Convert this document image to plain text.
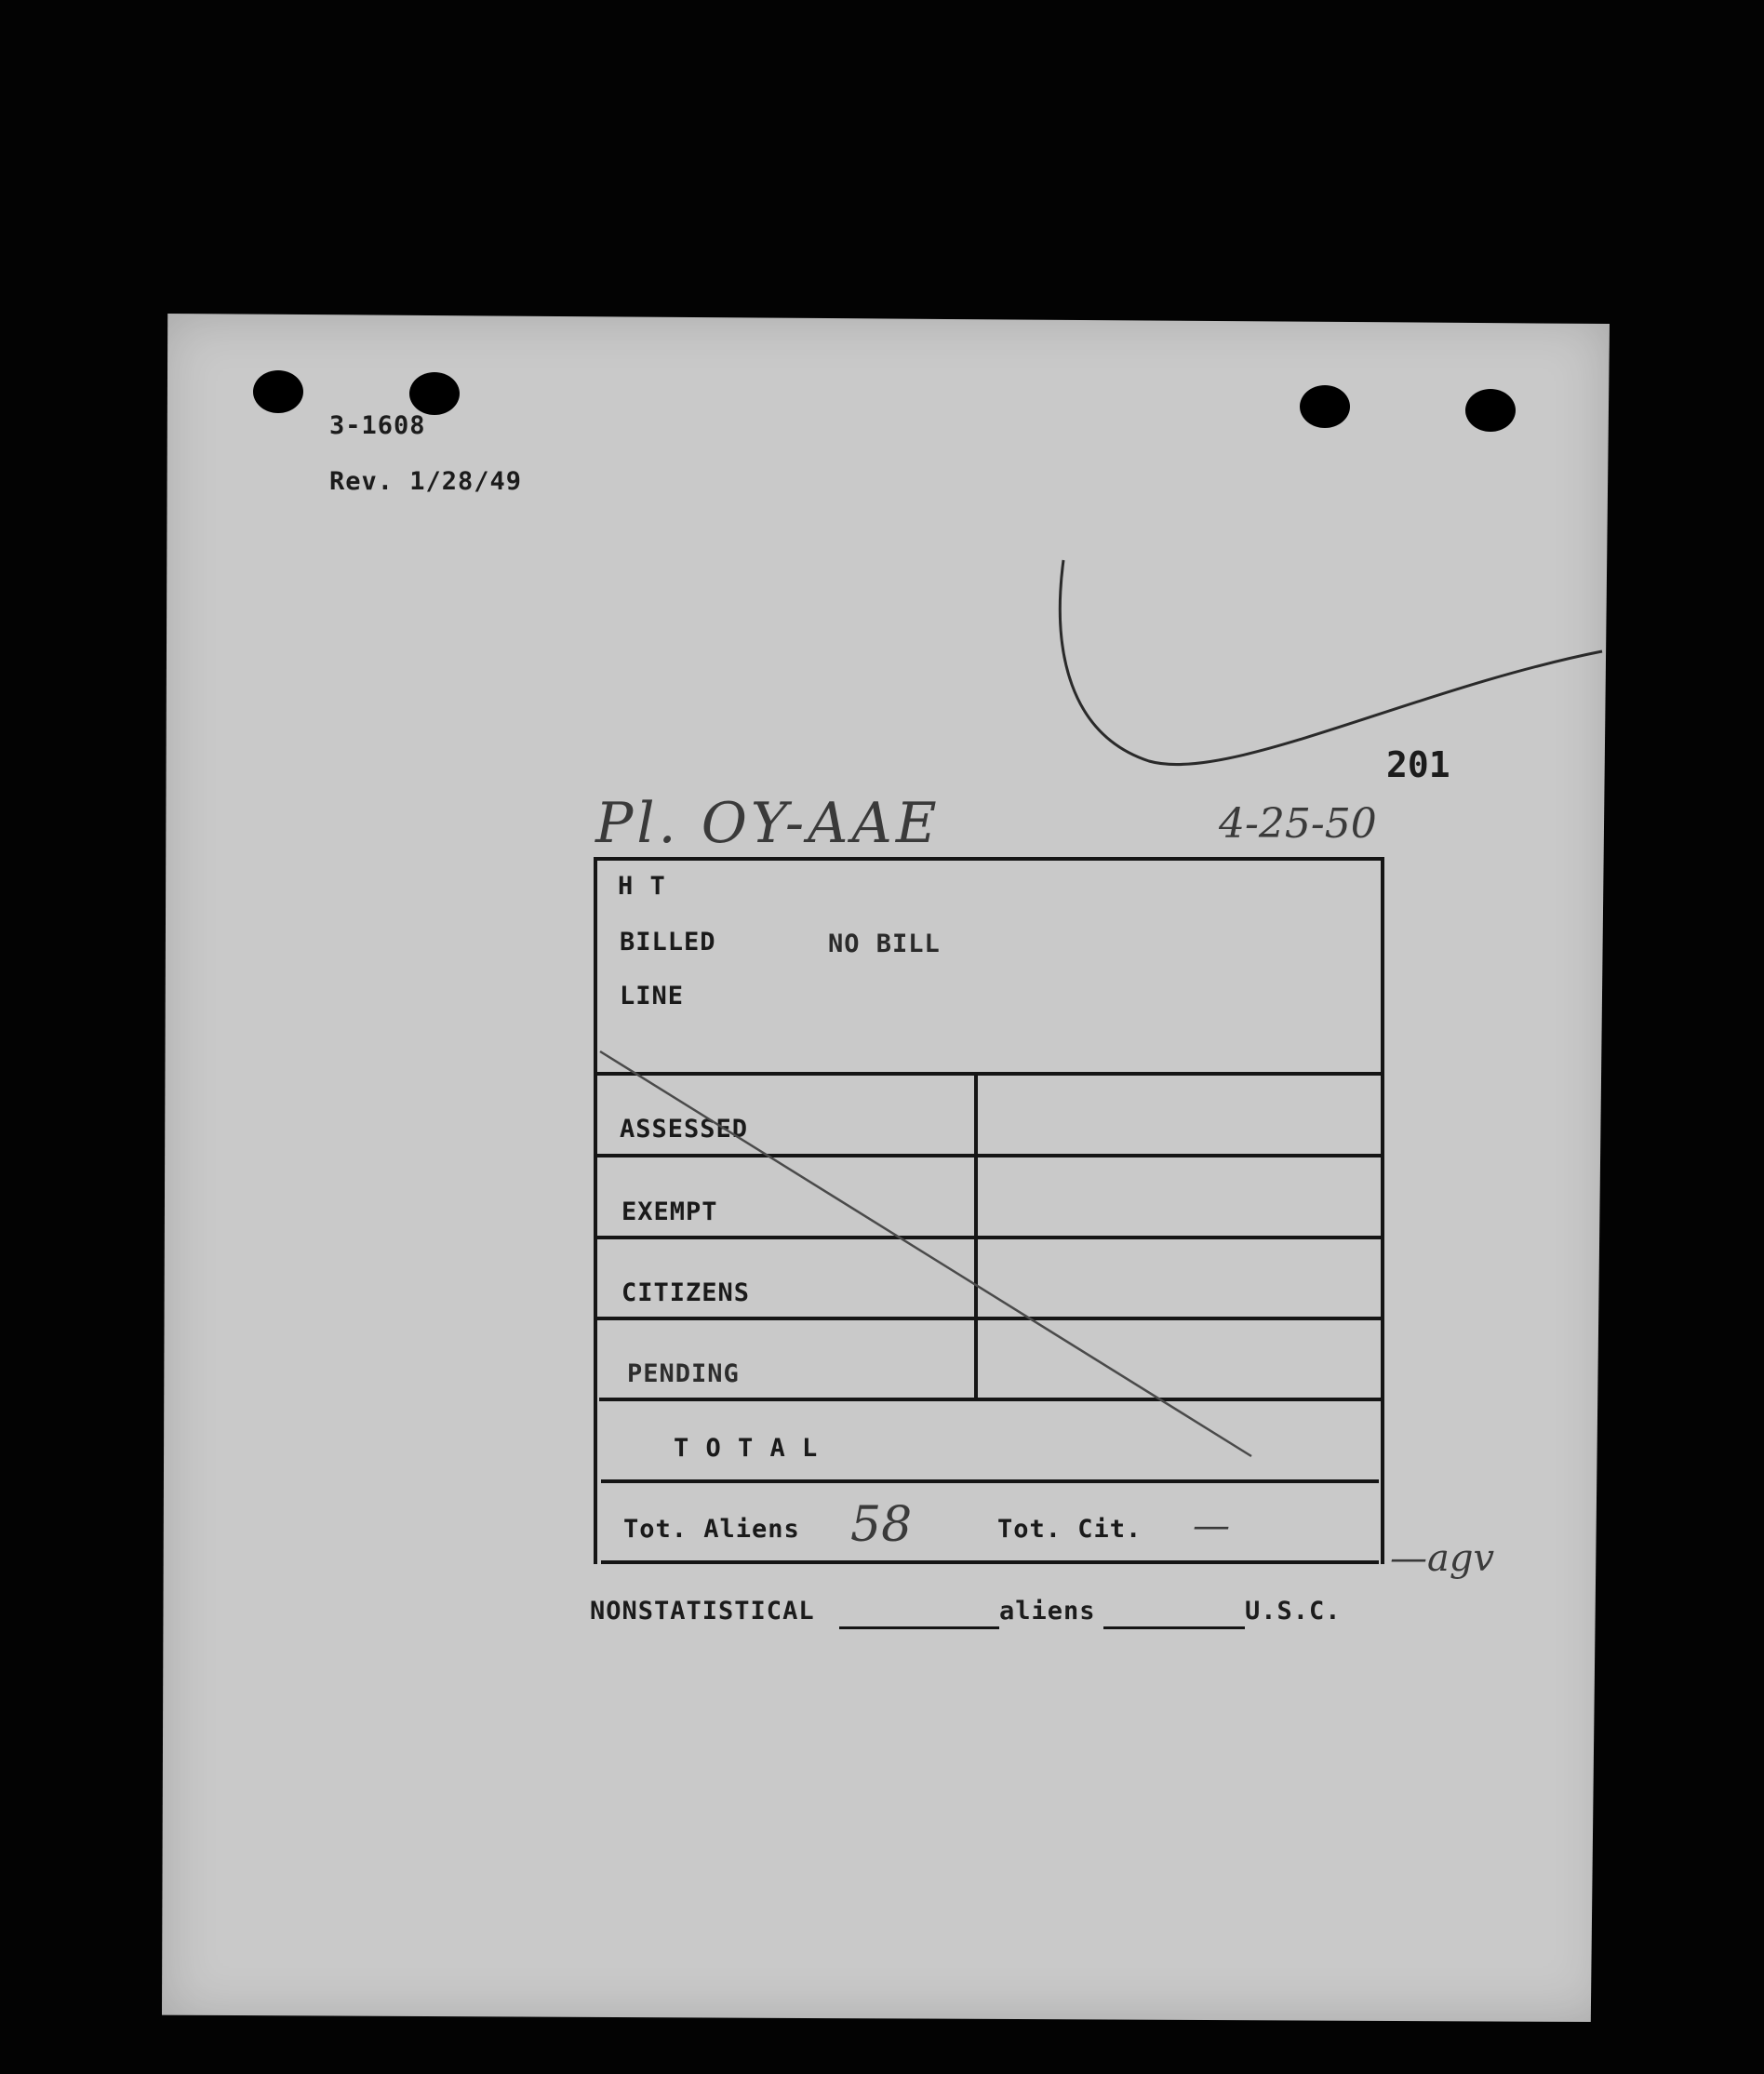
3-1608
Rev. 1/28/49
201
Pl. OY-AAE	4-25-50
H T
BILLED	NO BILL
LINE
ASSESSED
EXEMPT
CITIZENS
PENDING
T O T A L
Tot. Aliens 58	Tot. Cit. —
—agv
NONSTATISTICAL	aliens	U.S.C.
